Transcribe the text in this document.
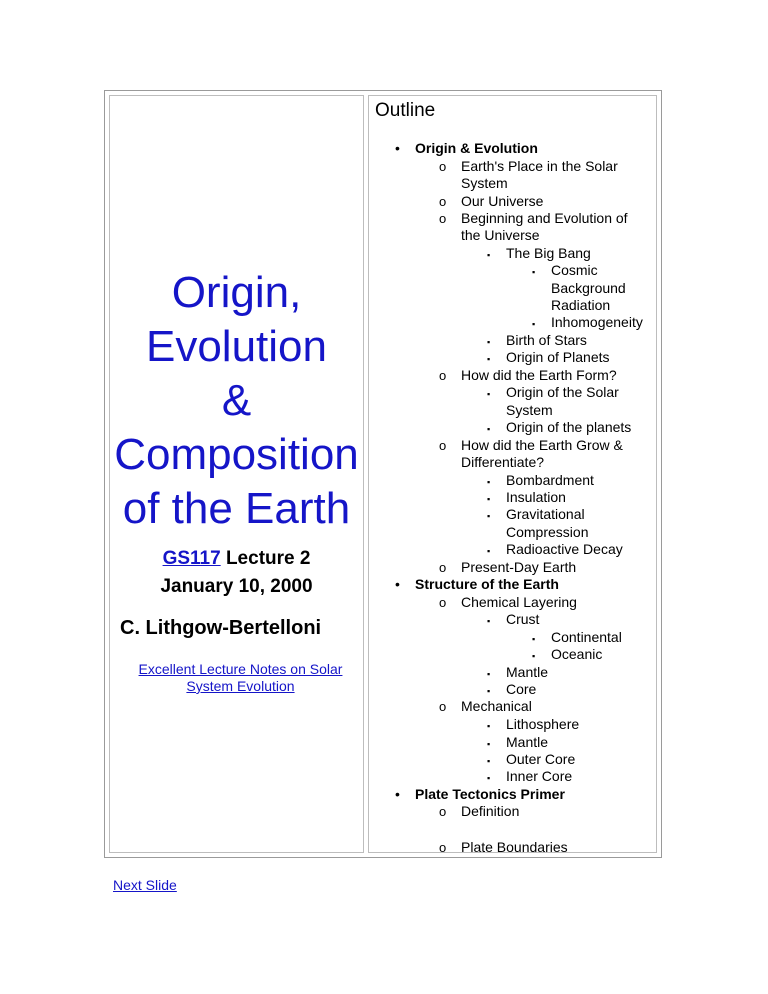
Origin,
Evolution
&
Composition
of the Earth
GS117 Lecture 2
January 10, 2000
C. Lithgow-Bertelloni
Excellent Lecture Notes on Solar
System Evolution
Outline
• Origin & Evolution
o Earth's Place in the Solar
System
o Our Universe
o Beginning and Evolution of
the Universe
▪ The Big Bang
▪ Cosmic
Background
Radiation
▪ Inhomogeneity
▪ Birth of Stars
▪ Origin of Planets
o How did the Earth Form?
▪ Origin of the Solar
System
▪ Origin of the planets
o How did the Earth Grow &
Differentiate?
▪ Bombardment
▪ Insulation
▪ Gravitational
Compression
▪ Radioactive Decay
o Present-Day Earth
• Structure of the Earth
o Chemical Layering
▪ Crust
▪ Continental
▪ Oceanic
▪ Mantle
▪ Core
o Mechanical
▪ Lithosphere
▪ Mantle
▪ Outer Core
▪ Inner Core
• Plate Tectonics Primer
o Definition
o Plate Boundaries
Next Slide
